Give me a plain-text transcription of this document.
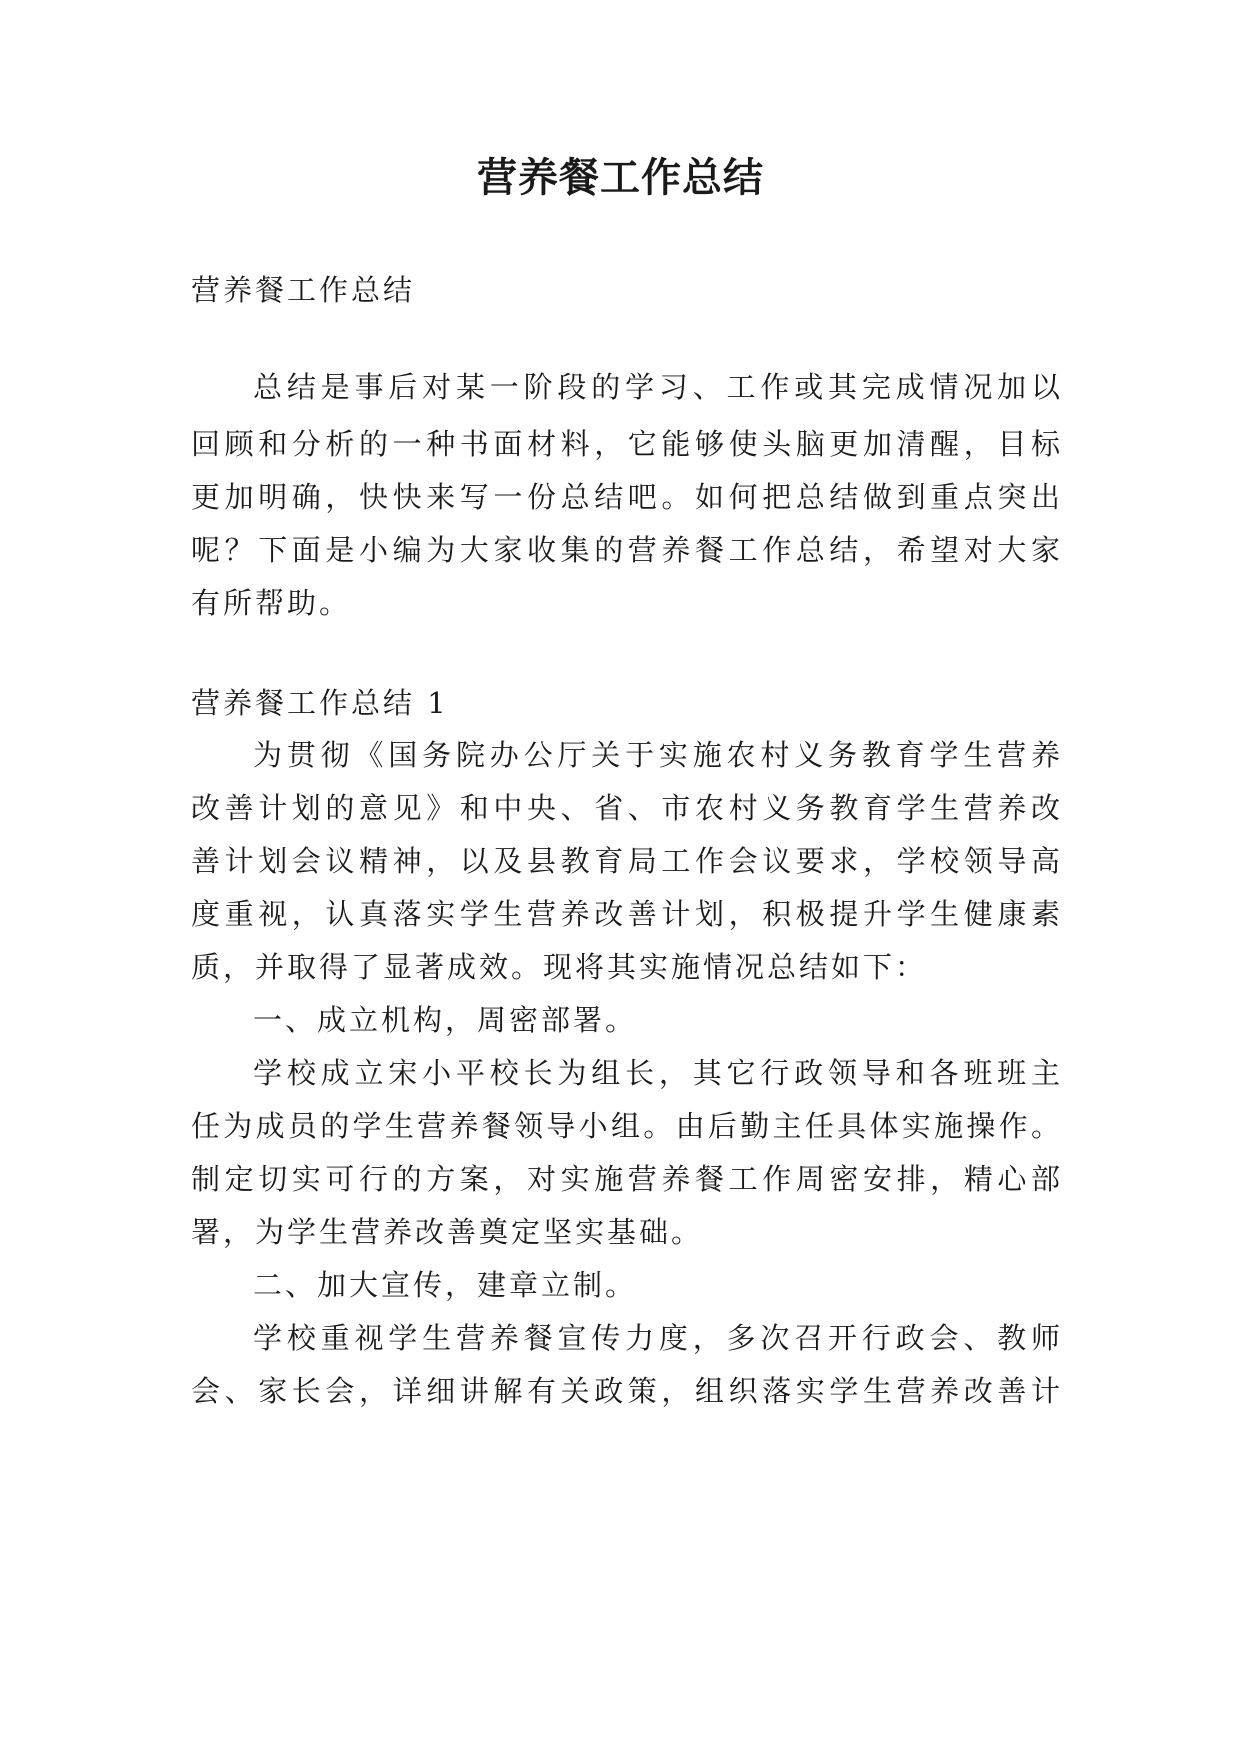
营养餐工作总结

营养餐工作总结

总结是事后对某一阶段的学习、工作或其完成情况加以

回顾和分析的一种书面材料，它能够使头脑更加清醒，目标

更加明确，快快来写一份总结吧。如何把总结做到重点突出

呢？下面是小编为大家收集的营养餐工作总结，希望对大家

有所帮助。

营养餐工作总结 1

为贯彻《国务院办公厅关于实施农村义务教育学生营养

改善计划的意见》和中央、省、市农村义务教育学生营养改

善计划会议精神，以及县教育局工作会议要求，学校领导高

度重视，认真落实学生营养改善计划，积极提升学生健康素

质，并取得了显著成效。现将其实施情况总结如下：

一、成立机构，周密部署。

学校成立宋小平校长为组长，其它行政领导和各班班主

任为成员的学生营养餐领导小组。由后勤主任具体实施操作。

制定切实可行的方案，对实施营养餐工作周密安排，精心部

署，为学生营养改善奠定坚实基础。

二、加大宣传，建章立制。

学校重视学生营养餐宣传力度，多次召开行政会、教师

会、家长会，详细讲解有关政策，组织落实学生营养改善计
